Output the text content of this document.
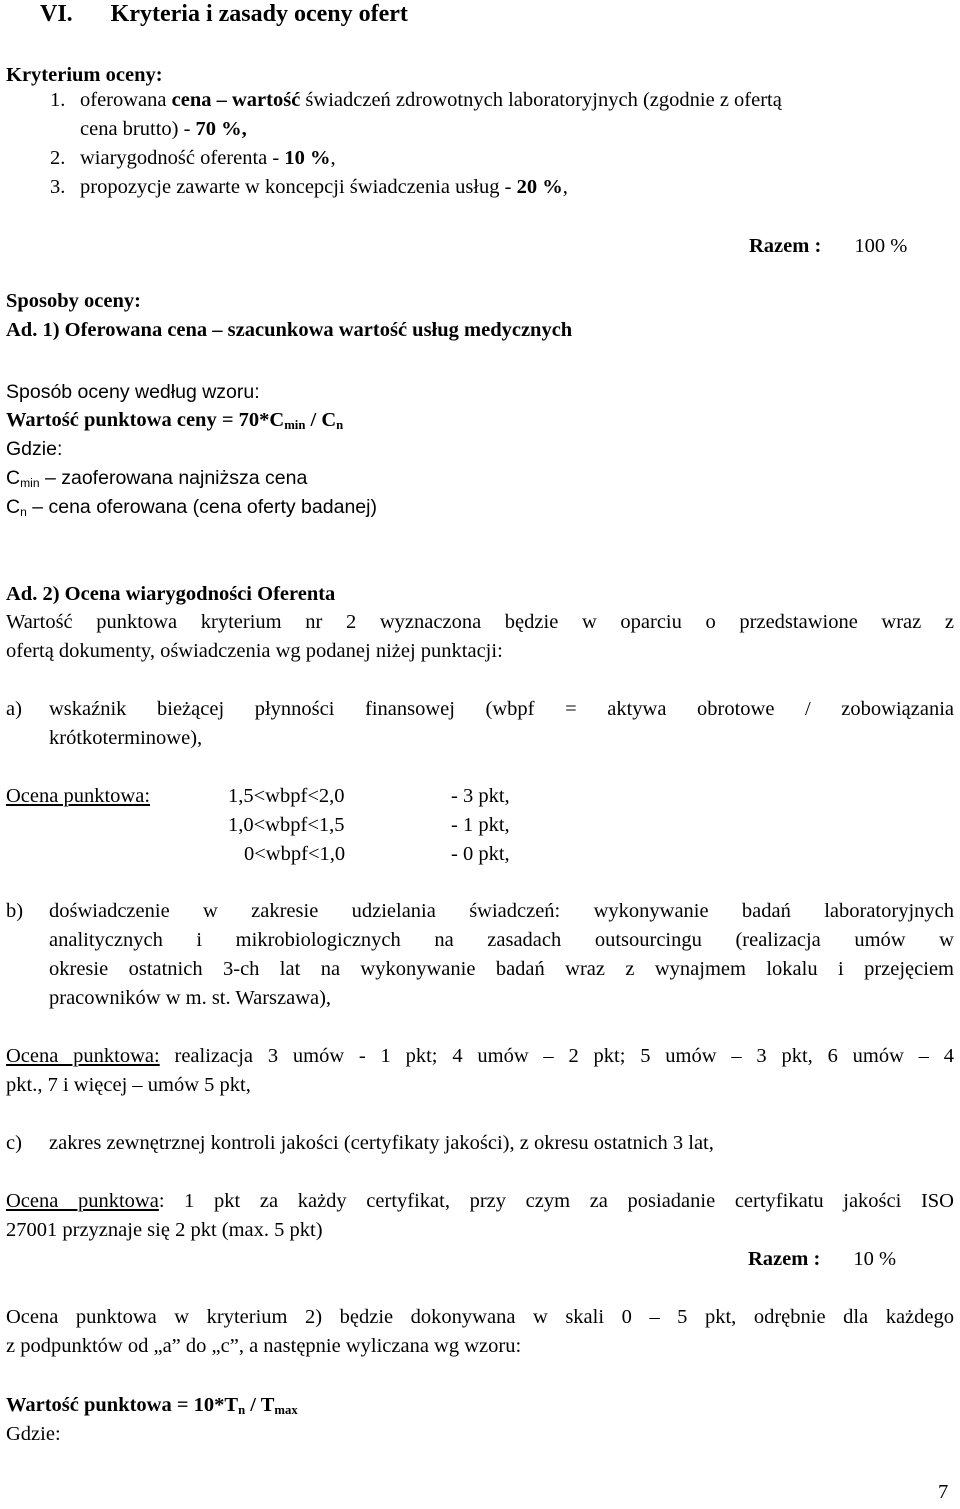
VI. Kryteria i zasady oceny ofert
Kryterium oceny:
1. oferowana cena – wartość świadczeń zdrowotnych laboratoryjnych (zgodnie z ofertą
cena brutto) - 70 %,
2. wiarygodność oferenta - 10 %,
3. propozycje zawarte w koncepcji świadczenia usług - 20 %,
Razem : 100 %
Sposoby oceny:
Ad. 1) Oferowana cena – szacunkowa wartość usług medycznych
Sposób oceny według wzoru:
Wartość punktowa ceny = $70*C_{min} / C_n$
Gdzie:
$C_{min}$ – zaoferowana najniższa cena
$C_n$ – cena oferowana (cena oferty badanej)
Ad. 2) Ocena wiarygodności Oferenta
Wartość punktowa kryterium nr 2 wyznaczona będzie w oparciu o przedstawione wraz z
ofertą dokumenty, oświadczenia wg podanej niżej punktacji:
a) wskaźnik bieżącej płynności finansowej (wbpf = aktywa obrotowe / zobowiązania
krótkoterminowe),
Ocena punktowa:	1,5<wbpf<2,0	- 3 pkt,
1,0<wbpf<1,5	- 1 pkt,
0<wbpf<1,0	- 0 pkt,
b) doświadczenie w zakresie udzielania świadczeń: wykonywanie badań laboratoryjnych
analitycznych i mikrobiologicznych na zasadach outsourcingu (realizacja umów w
okresie ostatnich 3-ch lat na wykonywanie badań wraz z wynajmem lokalu i przejęciem
pracowników w m. st. Warszawa),
Ocena punktowa: realizacja 3 umów - 1 pkt; 4 umów – 2 pkt; 5 umów – 3 pkt, 6 umów – 4
pkt., 7 i więcej – umów 5 pkt,
c) zakres zewnętrznej kontroli jakości (certyfikaty jakości), z okresu ostatnich 3 lat,
Ocena punktowa: 1 pkt za każdy certyfikat, przy czym za posiadanie certyfikatu jakości ISO
27001 przyznaje się 2 pkt (max. 5 pkt)
Razem : 10 %
Ocena punktowa w kryterium 2) będzie dokonywana w skali 0 – 5 pkt, odrębnie dla każdego
z podpunktów od „a” do „c”, a następnie wyliczana wg wzoru:
Wartość punktowa = $10*T_n / T_{max}$
Gdzie:
7
